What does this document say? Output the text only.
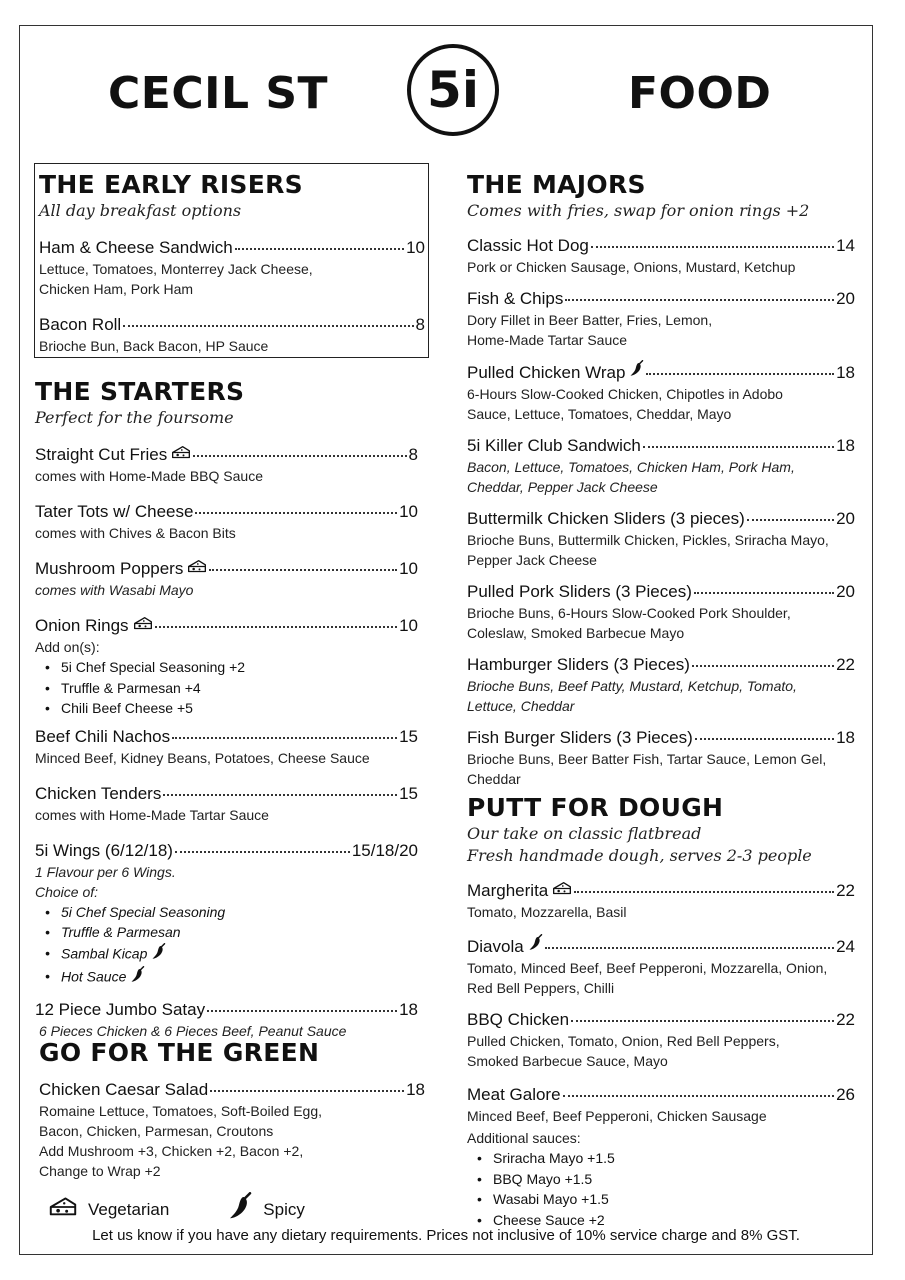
CECIL ST	5i	FOOD
THE EARLY RISERS
All day breakfast options
Ham & Cheese Sandwich	10
Lettuce, Tomatoes, Monterrey Jack Cheese,
Chicken Ham, Pork Ham
Bacon Roll	8
Brioche Bun, Back Bacon, HP Sauce
THE STARTERS
Perfect for the foursome
Straight Cut Fries	8
comes with Home-Made BBQ Sauce
Tater Tots w/ Cheese	10
comes with Chives & Bacon Bits
Mushroom Poppers	10
comes with Wasabi Mayo
Onion Rings	10
Add on(s):
• 5i Chef Special Seasoning +2
• Truffle & Parmesan +4
• Chili Beef Cheese +5
Beef Chili Nachos	15
Minced Beef, Kidney Beans, Potatoes, Cheese Sauce
Chicken Tenders	15
comes with Home-Made Tartar Sauce
5i Wings (6/12/18)	15/18/20
1 Flavour per 6 Wings.
Choice of:
• 5i Chef Special Seasoning
• Truffle & Parmesan
• Sambal Kicap
• Hot Sauce
12 Piece Jumbo Satay	18
6 Pieces Chicken & 6 Pieces Beef, Peanut Sauce
GO FOR THE GREEN
Chicken Caesar Salad	18
Romaine Lettuce, Tomatoes, Soft-Boiled Egg,
Bacon, Chicken, Parmesan, Croutons
Add Mushroom +3, Chicken +2, Bacon +2,
Change to Wrap +2
THE MAJORS
Comes with fries, swap for onion rings +2
Classic Hot Dog	14
Pork or Chicken Sausage, Onions, Mustard, Ketchup
Fish & Chips	20
Dory Fillet in Beer Batter, Fries, Lemon,
Home-Made Tartar Sauce
Pulled Chicken Wrap	18
6-Hours Slow-Cooked Chicken, Chipotles in Adobo
Sauce, Lettuce, Tomatoes, Cheddar, Mayo
5i Killer Club Sandwich	18
Bacon, Lettuce, Tomatoes, Chicken Ham, Pork Ham,
Cheddar, Pepper Jack Cheese
Buttermilk Chicken Sliders (3 pieces)	20
Brioche Buns, Buttermilk Chicken, Pickles, Sriracha Mayo,
Pepper Jack Cheese
Pulled Pork Sliders (3 Pieces)	20
Brioche Buns, 6-Hours Slow-Cooked Pork Shoulder,
Coleslaw, Smoked Barbecue Mayo
Hamburger Sliders (3 Pieces)	22
Brioche Buns, Beef Patty, Mustard, Ketchup, Tomato,
Lettuce, Cheddar
Fish Burger Sliders (3 Pieces)	18
Brioche Buns, Beer Batter Fish, Tartar Sauce, Lemon Gel,
Cheddar
PUTT FOR DOUGH
Our take on classic flatbread
Fresh handmade dough, serves 2-3 people
Margherita	22
Tomato, Mozzarella, Basil
Diavola	24
Tomato, Minced Beef, Beef Pepperoni, Mozzarella, Onion,
Red Bell Peppers, Chilli
BBQ Chicken	22
Pulled Chicken, Tomato, Onion, Red Bell Peppers,
Smoked Barbecue Sauce, Mayo
Meat Galore	26
Minced Beef, Beef Pepperoni, Chicken Sausage
Additional sauces:
• Sriracha Mayo +1.5
• BBQ Mayo +1.5
• Wasabi Mayo +1.5
• Cheese Sauce +2
Vegetarian	Spicy
Let us know if you have any dietary requirements. Prices not inclusive of 10% service charge and 8% GST.
